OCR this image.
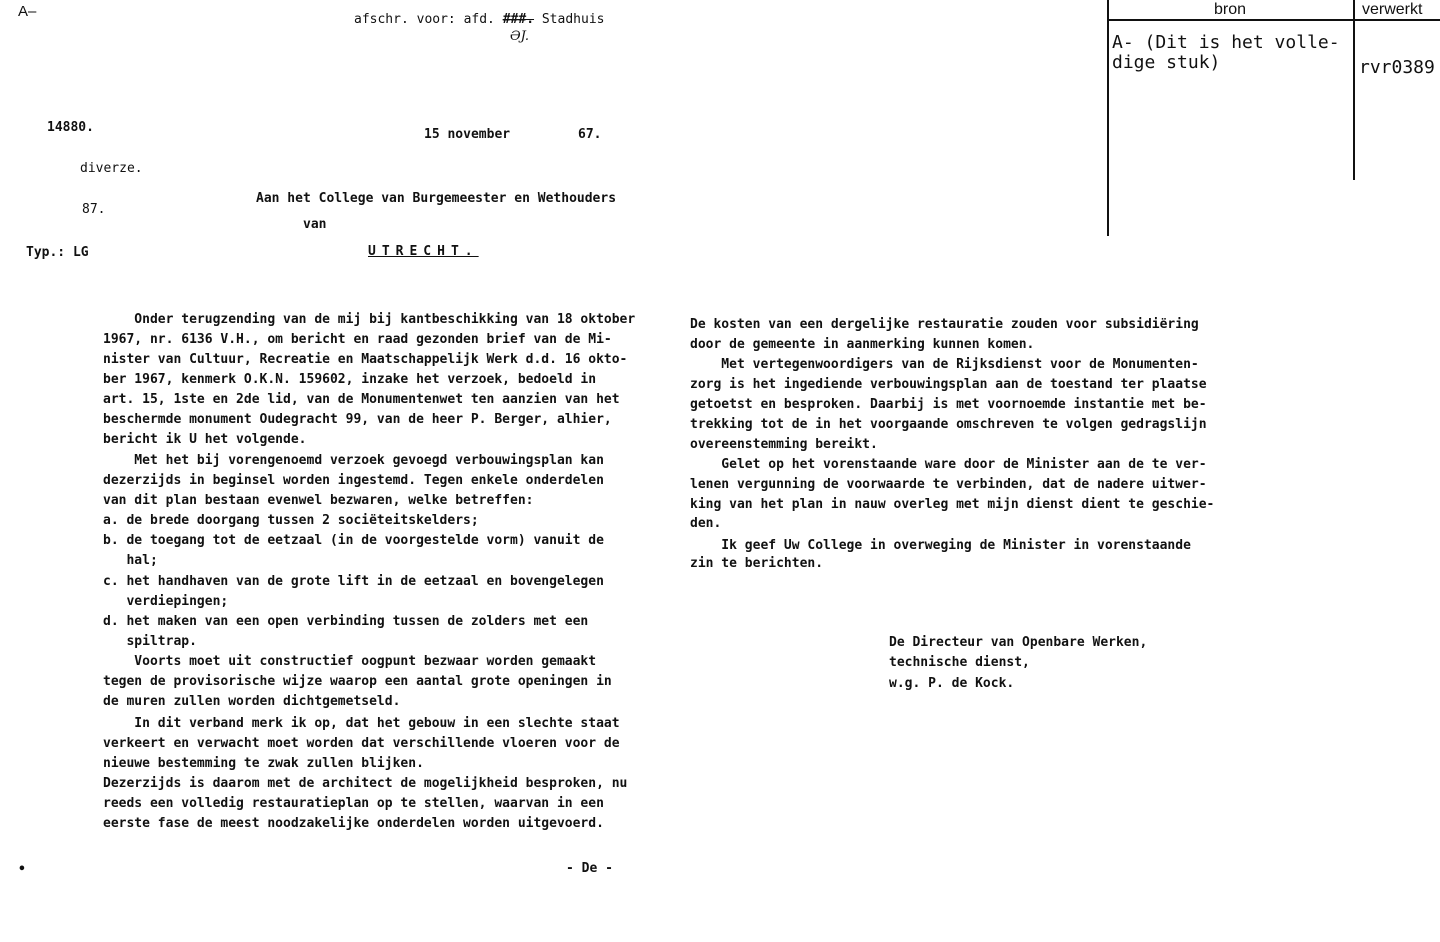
A–	afschr. voor: afd. ###. Stadhuis
ƏJ.
14880.	15 november	67.
diverze.
87.
Typ.: LG
Aan het College van Burgemeester en Wethouders
van
UTRECHT.
bron	verwerkt
A- (Dit is het volle-
dige stuk)	rvr0389
Onder terugzending van de mij bij kantbeschikking van 18 oktober
1967, nr. 6136 V.H., om bericht en raad gezonden brief van de Mi-
nister van Cultuur, Recreatie en Maatschappelijk Werk d.d. 16 okto-
ber 1967, kenmerk O.K.N. 159602, inzake het verzoek, bedoeld in
art. 15, 1ste en 2de lid, van de Monumentenwet ten aanzien van het
beschermde monument Oudegracht 99, van de heer P. Berger, alhier,
bericht ik U het volgende.
Met het bij vorengenoemd verzoek gevoegd verbouwingsplan kan
dezerzijds in beginsel worden ingestemd. Tegen enkele onderdelen
van dit plan bestaan evenwel bezwaren, welke betreffen:
a. de brede doorgang tussen 2 sociëteitskelders;
b. de toegang tot de eetzaal (in de voorgestelde vorm) vanuit de
hal;
c. het handhaven van de grote lift in de eetzaal en bovengelegen
verdiepingen;
d. het maken van een open verbinding tussen de zolders met een
spiltrap.
Voorts moet uit constructief oogpunt bezwaar worden gemaakt
tegen de provisorische wijze waarop een aantal grote openingen in
de muren zullen worden dichtgemetseld.
In dit verband merk ik op, dat het gebouw in een slechte staat
verkeert en verwacht moet worden dat verschillende vloeren voor de
nieuwe bestemming te zwak zullen blijken.
Dezerzijds is daarom met de architect de mogelijkheid besproken, nu
reeds een volledig restauratieplan op te stellen, waarvan in een
eerste fase de meest noodzakelijke onderdelen worden uitgevoerd.
De kosten van een dergelijke restauratie zouden voor subsidiëring
door de gemeente in aanmerking kunnen komen.
Met vertegenwoordigers van de Rijksdienst voor de Monumenten-
zorg is het ingediende verbouwingsplan aan de toestand ter plaatse
getoetst en besproken. Daarbij is met voornoemde instantie met be-
trekking tot de in het voorgaande omschreven te volgen gedragslijn
overeenstemming bereikt.
Gelet op het vorenstaande ware door de Minister aan de te ver-
lenen vergunning de voorwaarde te verbinden, dat de nadere uitwer-
king van het plan in nauw overleg met mijn dienst dient te geschie-
den.
Ik geef Uw College in overweging de Minister in vorenstaande
zin te berichten.
De Directeur van Openbare Werken,
technische dienst,
w.g. P. de Kock.
•	- De -
